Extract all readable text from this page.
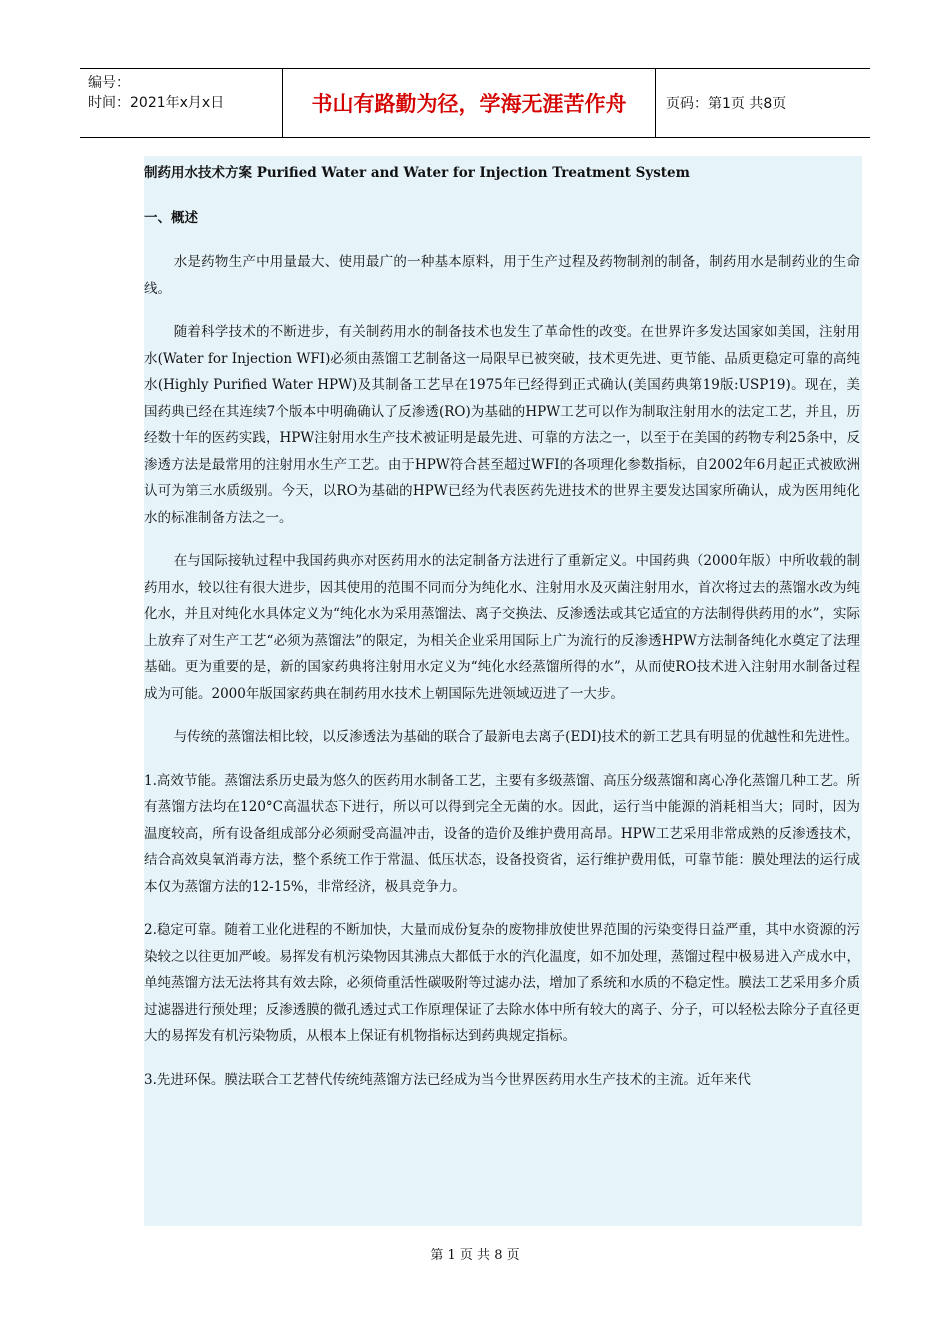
编号：
时间：2021年x月x日	书山有路勤为径，学海无涯苦作舟	页码：第1页 共8页
制药用水技术方案 Purified Water and Water for Injection Treatment System
一、概述

水是药物生产中用量最大、使用最广的一种基本原料，用于生产过程及药物制剂的制备，制药用水是制药业的生命线。

随着科学技术的不断进步，有关制药用水的制备技术也发生了革命性的改变。在世界许多发达国家如美国，注射用水(Water for Injection WFI)必须由蒸馏工艺制备这一局限早已被突破，技术更先进、更节能、品质更稳定可靠的高纯水(Highly Purified Water HPW)及其制备工艺早在1975年已经得到正式确认(美国药典第19版:USP19)。现在，美国药典已经在其连续7个版本中明确确认了反渗透(RO)为基础的HPW工艺可以作为制取注射用水的法定工艺，并且，历经数十年的医药实践，HPW注射用水生产技术被证明是最先进、可靠的方法之一，以至于在美国的药物专利25条中，反渗透方法是最常用的注射用水生产工艺。由于HPW符合甚至超过WFI的各项理化参数指标，自2002年6月起正式被欧洲认可为第三水质级别。今天，以RO为基础的HPW已经为代表医药先进技术的世界主要发达国家所确认，成为医用纯化水的标准制备方法之一。

在与国际接轨过程中我国药典亦对医药用水的法定制备方法进行了重新定义。中国药典（2000年版）中所收载的制药用水，较以往有很大进步，因其使用的范围不同而分为纯化水、注射用水及灭菌注射用水，首次将过去的蒸馏水改为纯化水，并且对纯化水具体定义为“纯化水为采用蒸馏法、离子交换法、反渗透法或其它适宜的方法制得供药用的水”，实际上放弃了对生产工艺“必须为蒸馏法”的限定，为相关企业采用国际上广为流行的反渗透HPW方法制备纯化水奠定了法理基础。更为重要的是，新的国家药典将注射用水定义为“纯化水经蒸馏所得的水”，从而使RO技术进入注射用水制备过程成为可能。2000年版国家药典在制药用水技术上朝国际先进领域迈进了一大步。

与传统的蒸馏法相比较，以反渗透法为基础的联合了最新电去离子(EDI)技术的新工艺具有明显的优越性和先进性。

1.高效节能。蒸馏法系历史最为悠久的医药用水制备工艺，主要有多级蒸馏、高压分级蒸馏和离心净化蒸馏几种工艺。所有蒸馏方法均在120°C高温状态下进行，所以可以得到完全无菌的水。因此，运行当中能源的消耗相当大；同时，因为温度较高，所有设备组成部分必须耐受高温冲击，设备的造价及维护费用高昂。HPW工艺采用非常成熟的反渗透技术，结合高效臭氧消毒方法，整个系统工作于常温、低压状态，设备投资省，运行维护费用低，可靠节能：膜处理法的运行成本仅为蒸馏方法的12-15%，非常经济，极具竞争力。

2.稳定可靠。随着工业化进程的不断加快，大量而成份复杂的废物排放使世界范围的污染变得日益严重，其中水资源的污染较之以往更加严峻。易挥发有机污染物因其沸点大都低于水的汽化温度，如不加处理，蒸馏过程中极易进入产成水中，单纯蒸馏方法无法将其有效去除，必须倚重活性碳吸附等过滤办法，增加了系统和水质的不稳定性。膜法工艺采用多介质过滤器进行预处理；反渗透膜的微孔透过式工作原理保证了去除水体中所有较大的离子、分子，可以轻松去除分子直径更大的易挥发有机污染物质，从根本上保证有机物指标达到药典规定指标。

3.先进环保。膜法联合工艺替代传统纯蒸馏方法已经成为当今世界医药用水生产技术的主流。近年来代

第 1 页 共 8 页
